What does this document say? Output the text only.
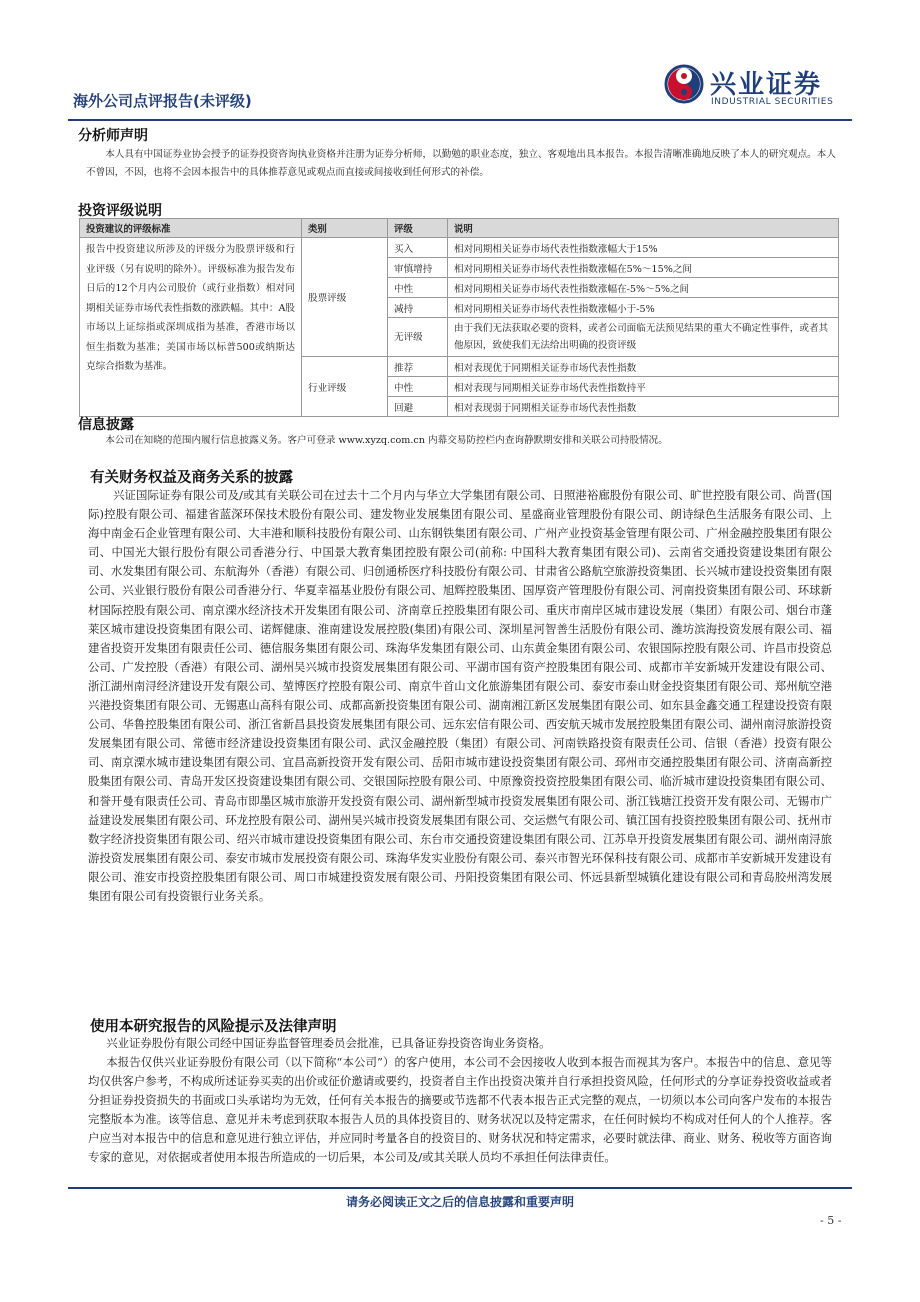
海外公司点评报告(未评级)
兴业证券
INDUSTRIAL SECURITIES
分析师声明
本人具有中国证券业协会授予的证券投资咨询执业资格并注册为证券分析师，以勤勉的职业态度，独立、客观地出具本报告。本报告清晰准确地反映了本人的研究观点。本人不曾因，不因，也将不会因本报告中的具体推荐意见或观点而直接或间接收到任何形式的补偿。
投资评级说明
投资建议的评级标准	类别	评级	说明
报告中投资建议所涉及的评级分为股票评级和行业评级（另有说明的除外）。评级标准为报告发布日后的12个月内公司股价（或行业指数）相对同期相关证券市场代表性指数的涨跌幅。其中：A股市场以上证综指或深圳成指为基准，香港市场以恒生指数为基准；美国市场以标普500或纳斯达克综合指数为基准。	股票评级	买入	相对同期相关证券市场代表性指数涨幅大于15%
		审慎增持	相对同期相关证券市场代表性指数涨幅在5%～15%之间
		中性	相对同期相关证券市场代表性指数涨幅在-5%～5%之间
		减持	相对同期相关证券市场代表性指数涨幅小于-5%
		无评级	由于我们无法获取必要的资料，或者公司面临无法预见结果的重大不确定性事件，或者其他原因，致使我们无法给出明确的投资评级
	行业评级	推荐	相对表现优于同期相关证券市场代表性指数
		中性	相对表现与同期相关证券市场代表性指数持平
		回避	相对表现弱于同期相关证券市场代表性指数
信息披露
本公司在知晓的范围内履行信息披露义务。客户可登录 www.xyzq.com.cn 内幕交易防控栏内查询静默期安排和关联公司持股情况。
有关财务权益及商务关系的披露
兴证国际证券有限公司及/或其有关联公司在过去十二个月内与华立大学集团有限公司、日照港裕廊股份有限公司、旷世控股有限公司、尚晋(国际)控股有限公司、福建省蓝深环保技术股份有限公司、建发物业发展集团有限公司、星盛商业管理股份有限公司、朗诗绿色生活服务有限公司、上海中南金石企业管理有限公司、大丰港和顺科技股份有限公司、山东钢铁集团有限公司、广州产业投资基金管理有限公司、广州金融控股集团有限公司、中国光大银行股份有限公司香港分行、中国景大教育集团控股有限公司(前称: 中国科大教育集团有限公司)、云南省交通投资建设集团有限公司、水发集团有限公司、东航海外（香港）有限公司、归创通桥医疗科技股份有限公司、甘肃省公路航空旅游投资集团、长兴城市建设投资集团有限公司、兴业银行股份有限公司香港分行、华夏幸福基业股份有限公司、旭辉控股集团、国厚资产管理股份有限公司、河南投资集团有限公司、环球新材国际控股有限公司、南京溧水经济技术开发集团有限公司、济南章丘控股集团有限公司、重庆市南岸区城市建设发展（集团）有限公司、烟台市蓬莱区城市建设投资集团有限公司、诺辉健康、淮南建设发展控股(集团)有限公司、深圳星河智善生活股份有限公司、潍坊滨海投资发展有限公司、福建省投资开发集团有限责任公司、德信服务集团有限公司、珠海华发集团有限公司、山东黄金集团有限公司、农银国际控股有限公司、许昌市投资总公司、广发控股（香港）有限公司、湖州吴兴城市投资发展集团有限公司、平湖市国有资产控股集团有限公司、成都市羊安新城开发建设有限公司、浙江湖州南浔经济建设开发有限公司、堃博医疗控股有限公司、南京牛首山文化旅游集团有限公司、泰安市泰山财金投资集团有限公司、郑州航空港兴港投资集团有限公司、无锡惠山高科有限公司、成都高新投资集团有限公司、湖南湘江新区发展集团有限公司、如东县金鑫交通工程建设投资有限公司、华鲁控股集团有限公司、浙江省新昌县投资发展集团有限公司、远东宏信有限公司、西安航天城市发展控股集团有限公司、湖州南浔旅游投资发展集团有限公司、常德市经济建设投资集团有限公司、武汉金融控股（集团）有限公司、河南铁路投资有限责任公司、信银（香港）投资有限公司、南京溧水城市建设集团有限公司、宜昌高新投资开发有限公司、岳阳市城市建设投资集团有限公司、邳州市交通控股集团有限公司、济南高新控股集团有限公司、青岛开发区投资建设集团有限公司、交银国际控股有限公司、中原豫资投资控股集团有限公司、临沂城市建设投资集团有限公司、和誉开曼有限责任公司、青岛市即墨区城市旅游开发投资有限公司、湖州新型城市投资发展集团有限公司、浙江钱塘江投资开发有限公司、无锡市广益建设发展集团有限公司、环龙控股有限公司、湖州吴兴城市投资发展集团有限公司、交运燃气有限公司、镇江国有投资控股集团有限公司、抚州市数字经济投资集团有限公司、绍兴市城市建设投资集团有限公司、东台市交通投资建设集团有限公司、江苏阜开投资发展集团有限公司、湖州南浔旅游投资发展集团有限公司、泰安市城市发展投资有限公司、珠海华发实业股份有限公司、泰兴市智光环保科技有限公司、成都市羊安新城开发建设有限公司、淮安市投资控股集团有限公司、周口市城建投资发展有限公司、丹阳投资集团有限公司、怀远县新型城镇化建设有限公司和青岛胶州湾发展集团有限公司有投资银行业务关系。
使用本研究报告的风险提示及法律声明
兴业证券股份有限公司经中国证券监督管理委员会批准，已具备证券投资咨询业务资格。
本报告仅供兴业证券股份有限公司（以下简称“本公司”）的客户使用，本公司不会因接收人收到本报告而视其为客户。本报告中的信息、意见等均仅供客户参考，不构成所述证券买卖的出价或征价邀请或要约，投资者自主作出投资决策并自行承担投资风险，任何形式的分享证券投资收益或者分担证券投资损失的书面或口头承诺均为无效，任何有关本报告的摘要或节选都不代表本报告正式完整的观点，一切须以本公司向客户发布的本报告完整版本为准。该等信息、意见并未考虑到获取本报告人员的具体投资目的、财务状况以及特定需求，在任何时候均不构成对任何人的个人推荐。客户应当对本报告中的信息和意见进行独立评估，并应同时考量各自的投资目的、财务状况和特定需求，必要时就法律、商业、财务、税收等方面咨询专家的意见，对依据或者使用本报告所造成的一切后果，本公司及/或其关联人员均不承担任何法律责任。
请务必阅读正文之后的信息披露和重要声明
- 5 -
